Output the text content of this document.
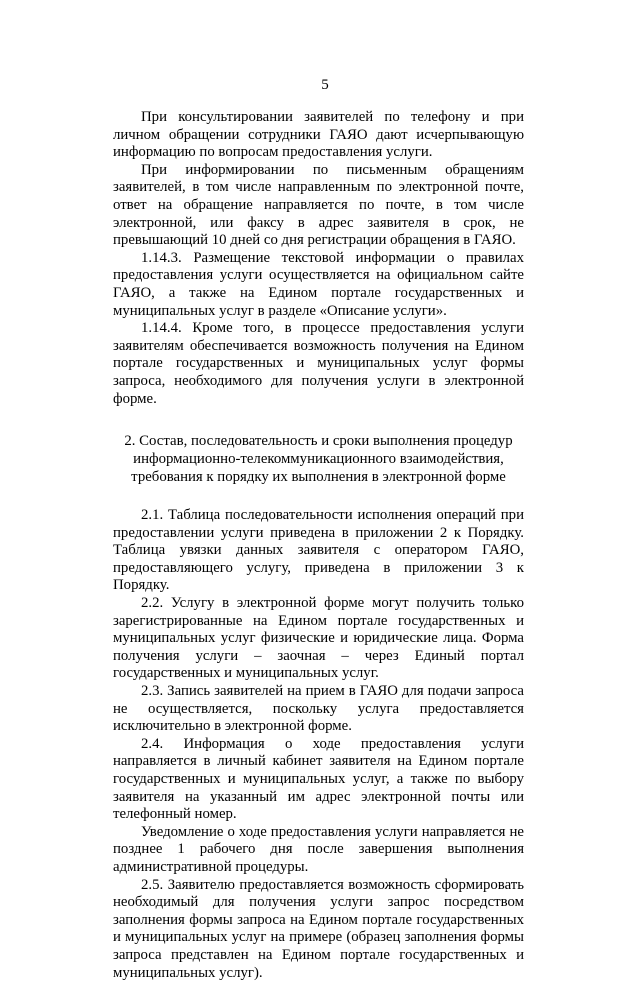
5

При консультировании заявителей по телефону и при личном обращении сотрудники ГАЯО дают исчерпывающую информацию по вопросам предоставления услуги.

При информировании по письменным обращениям заявителей, в том числе направленным по электронной почте, ответ на обращение направляется по почте, в том числе электронной, или факсу в адрес заявителя в срок, не превышающий 10 дней со дня регистрации обращения в ГАЯО.

1.14.3. Размещение текстовой информации о правилах предоставления услуги осуществляется на официальном сайте ГАЯО, а также на Едином портале государственных и муниципальных услуг в разделе «Описание услуги».

1.14.4. Кроме того, в процессе предоставления услуги заявителям обеспечивается возможность получения на Едином портале государственных и муниципальных услуг формы запроса, необходимого для получения услуги в электронной форме.

2. Состав, последовательность и сроки выполнения процедур информационно-телекоммуникационного взаимодействия, требования к порядку их выполнения в электронной форме

2.1. Таблица последовательности исполнения операций при предоставлении услуги приведена в приложении 2 к Порядку. Таблица увязки данных заявителя с оператором ГАЯО, предоставляющего услугу, приведена в приложении 3 к Порядку.

2.2. Услугу в электронной форме могут получить только зарегистрированные на Едином портале государственных и муниципальных услуг физические и юридические лица. Форма получения услуги – заочная – через Единый портал государственных и муниципальных услуг.

2.3. Запись заявителей на прием в ГАЯО для подачи запроса не осуществляется, поскольку услуга предоставляется исключительно в электронной форме.

2.4. Информация о ходе предоставления услуги направляется в личный кабинет заявителя на Едином портале государственных и муниципальных услуг, а также по выбору заявителя на указанный им адрес электронной почты или телефонный номер.

Уведомление о ходе предоставления услуги направляется не позднее 1 рабочего дня после завершения выполнения административной процедуры.

2.5. Заявителю предоставляется возможность сформировать необходимый для получения услуги запрос посредством заполнения формы запроса на Едином портале государственных и муниципальных услуг на примере (образец заполнения формы запроса представлен на Едином портале государственных и муниципальных услуг).
